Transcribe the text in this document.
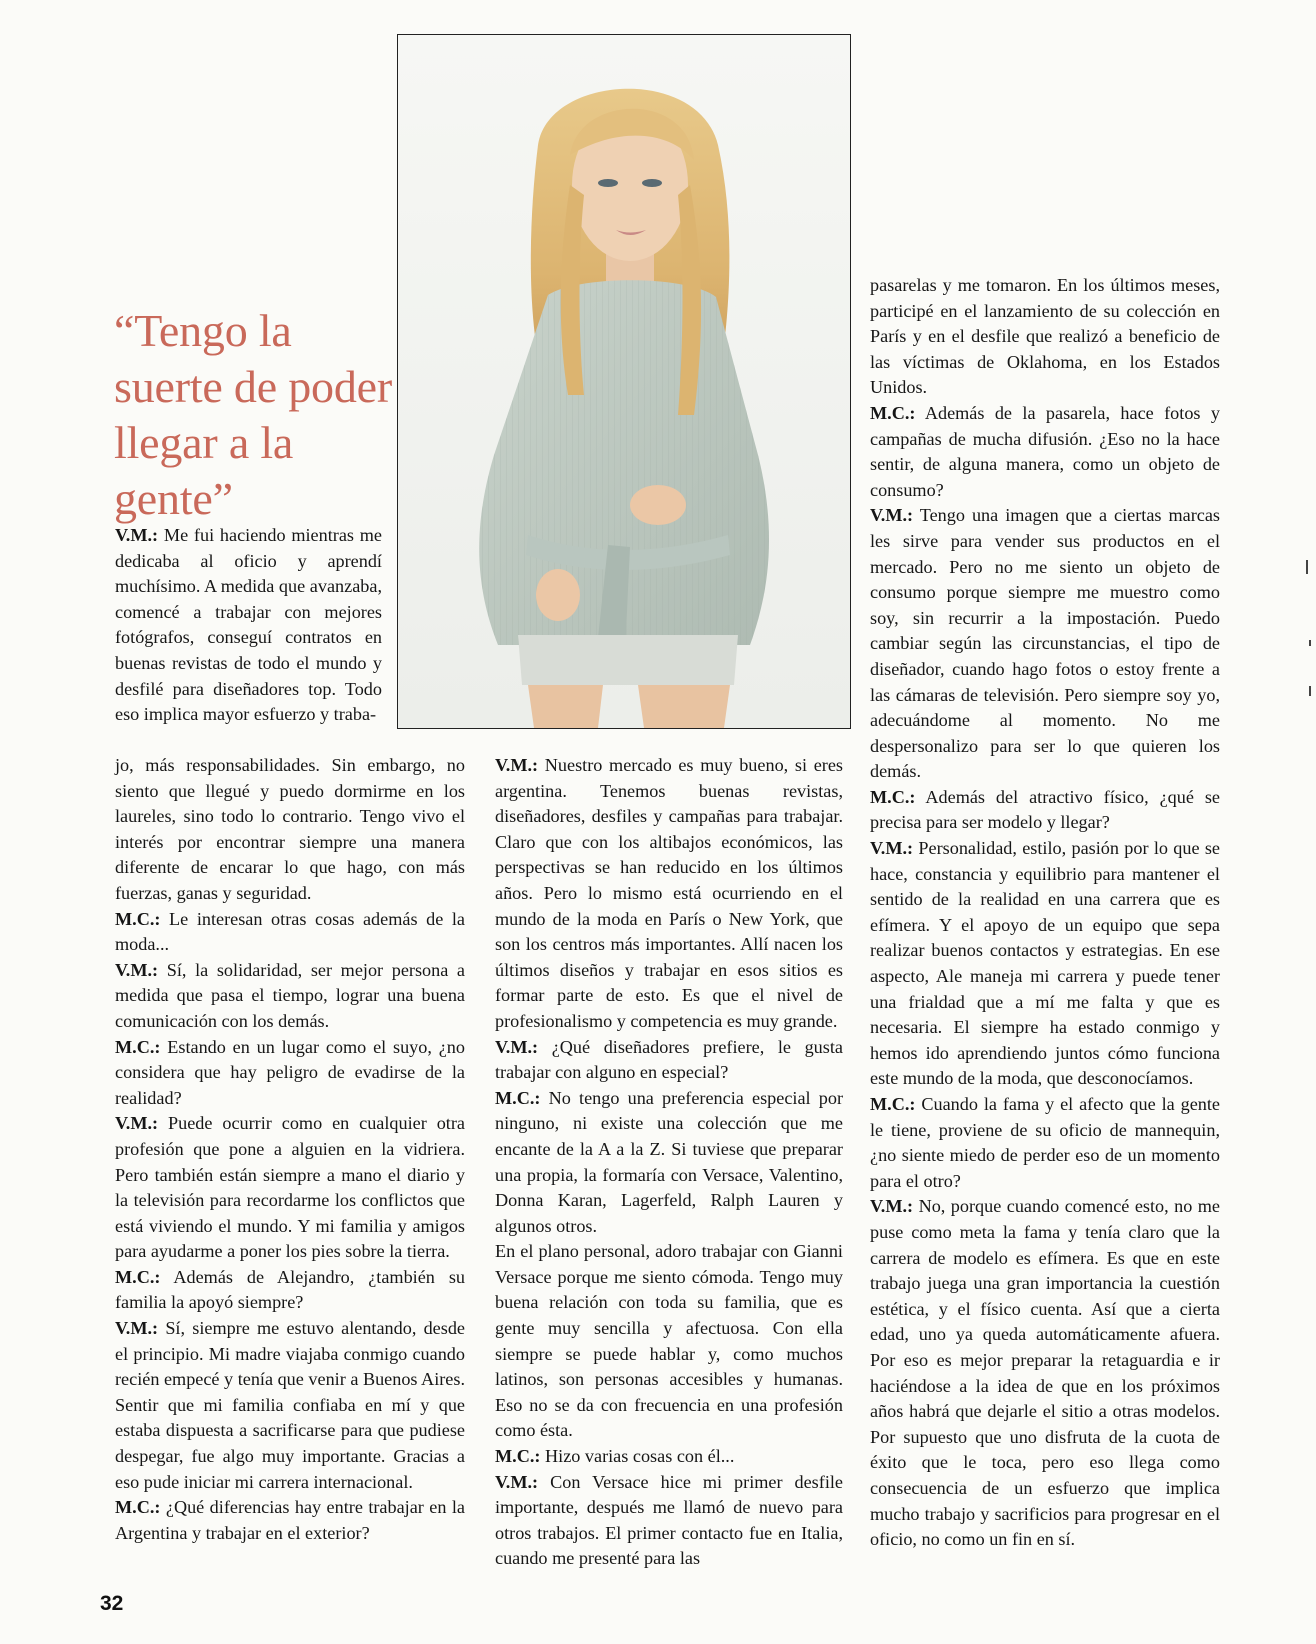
“Tengo la suerte de poder llegar a la gente”

V.M.: Me fui haciendo mientras me dedicaba al oficio y aprendí muchísimo. A medida que avanzaba, comencé a trabajar con mejores fotógrafos, conseguí contratos en buenas revistas de todo el mundo y desfilé para diseñadores top. Todo eso implica mayor esfuerzo y traba-

jo, más responsabilidades. Sin embargo, no siento que llegué y puedo dormirme en los laureles, sino todo lo contrario. Tengo vivo el interés por encontrar siempre una manera diferente de encarar lo que hago, con más fuerzas, ganas y seguridad.

M.C.: Le interesan otras cosas además de la moda...

V.M.: Sí, la solidaridad, ser mejor persona a medida que pasa el tiempo, lograr una buena comunicación con los demás.

M.C.: Estando en un lugar como el suyo, ¿no considera que hay peligro de evadirse de la realidad?

V.M.: Puede ocurrir como en cualquier otra profesión que pone a alguien en la vidriera. Pero también están siempre a mano el diario y la televisión para recordarme los conflictos que está viviendo el mundo. Y mi familia y amigos para ayudarme a poner los pies sobre la tierra.

M.C.: Además de Alejandro, ¿también su familia la apoyó siempre?

V.M.: Sí, siempre me estuvo alentando, desde el principio. Mi madre viajaba conmigo cuando recién empecé y tenía que venir a Buenos Aires. Sentir que mi familia confiaba en mí y que estaba dispuesta a sacrificarse para que pudiese despegar, fue algo muy importante. Gracias a eso pude iniciar mi carrera internacional.

M.C.: ¿Qué diferencias hay entre trabajar en la Argentina y trabajar en el exterior?

V.M.: Nuestro mercado es muy bueno, si eres argentina. Tenemos buenas revistas, diseñadores, desfiles y campañas para trabajar. Claro que con los altibajos económicos, las perspectivas se han reducido en los últimos años. Pero lo mismo está ocurriendo en el mundo de la moda en París o New York, que son los centros más importantes. Allí nacen los últimos diseños y trabajar en esos sitios es formar parte de esto. Es que el nivel de profesionalismo y competencia es muy grande.

V.M.: ¿Qué diseñadores prefiere, le gusta trabajar con alguno en especial?

M.C.: No tengo una preferencia especial por ninguno, ni existe una colección que me encante de la A a la Z. Si tuviese que preparar una propia, la formaría con Versace, Valentino, Donna Karan, Lagerfeld, Ralph Lauren y algunos otros.

En el plano personal, adoro trabajar con Gianni Versace porque me siento cómoda. Tengo muy buena relación con toda su familia, que es gente muy sencilla y afectuosa. Con ella siempre se puede hablar y, como muchos latinos, son personas accesibles y humanas. Eso no se da con frecuencia en una profesión como ésta.

M.C.: Hizo varias cosas con él...

V.M.: Con Versace hice mi primer desfile importante, después me llamó de nuevo para otros trabajos. El primer contacto fue en Italia, cuando me presenté para las

pasarelas y me tomaron. En los últimos meses, participé en el lanzamiento de su colección en París y en el desfile que realizó a beneficio de las víctimas de Oklahoma, en los Estados Unidos.

M.C.: Además de la pasarela, hace fotos y campañas de mucha difusión. ¿Eso no la hace sentir, de alguna manera, como un objeto de consumo?

V.M.: Tengo una imagen que a ciertas marcas les sirve para vender sus productos en el mercado. Pero no me siento un objeto de consumo porque siempre me muestro como soy, sin recurrir a la impostación. Puedo cambiar según las circunstancias, el tipo de diseñador, cuando hago fotos o estoy frente a las cámaras de televisión. Pero siempre soy yo, adecuándome al momento. No me despersonalizo para ser lo que quieren los demás.

M.C.: Además del atractivo físico, ¿qué se precisa para ser modelo y llegar?

V.M.: Personalidad, estilo, pasión por lo que se hace, constancia y equilibrio para mantener el sentido de la realidad en una carrera que es efímera. Y el apoyo de un equipo que sepa realizar buenos contactos y estrategias. En ese aspecto, Ale maneja mi carrera y puede tener una frialdad que a mí me falta y que es necesaria. El siempre ha estado conmigo y hemos ido aprendiendo juntos cómo funciona este mundo de la moda, que desconocíamos.

M.C.: Cuando la fama y el afecto que la gente le tiene, proviene de su oficio de mannequin, ¿no siente miedo de perder eso de un momento para el otro?

V.M.: No, porque cuando comencé esto, no me puse como meta la fama y tenía claro que la carrera de modelo es efímera. Es que en este trabajo juega una gran importancia la cuestión estética, y el físico cuenta. Así que a cierta edad, uno ya queda automáticamente afuera. Por eso es mejor preparar la retaguardia e ir haciéndose a la idea de que en los próximos años habrá que dejarle el sitio a otras modelos. Por supuesto que uno disfruta de la cuota de éxito que le toca, pero eso llega como consecuencia de un esfuerzo que implica mucho trabajo y sacrificios para progresar en el oficio, no como un fin en sí.

32
